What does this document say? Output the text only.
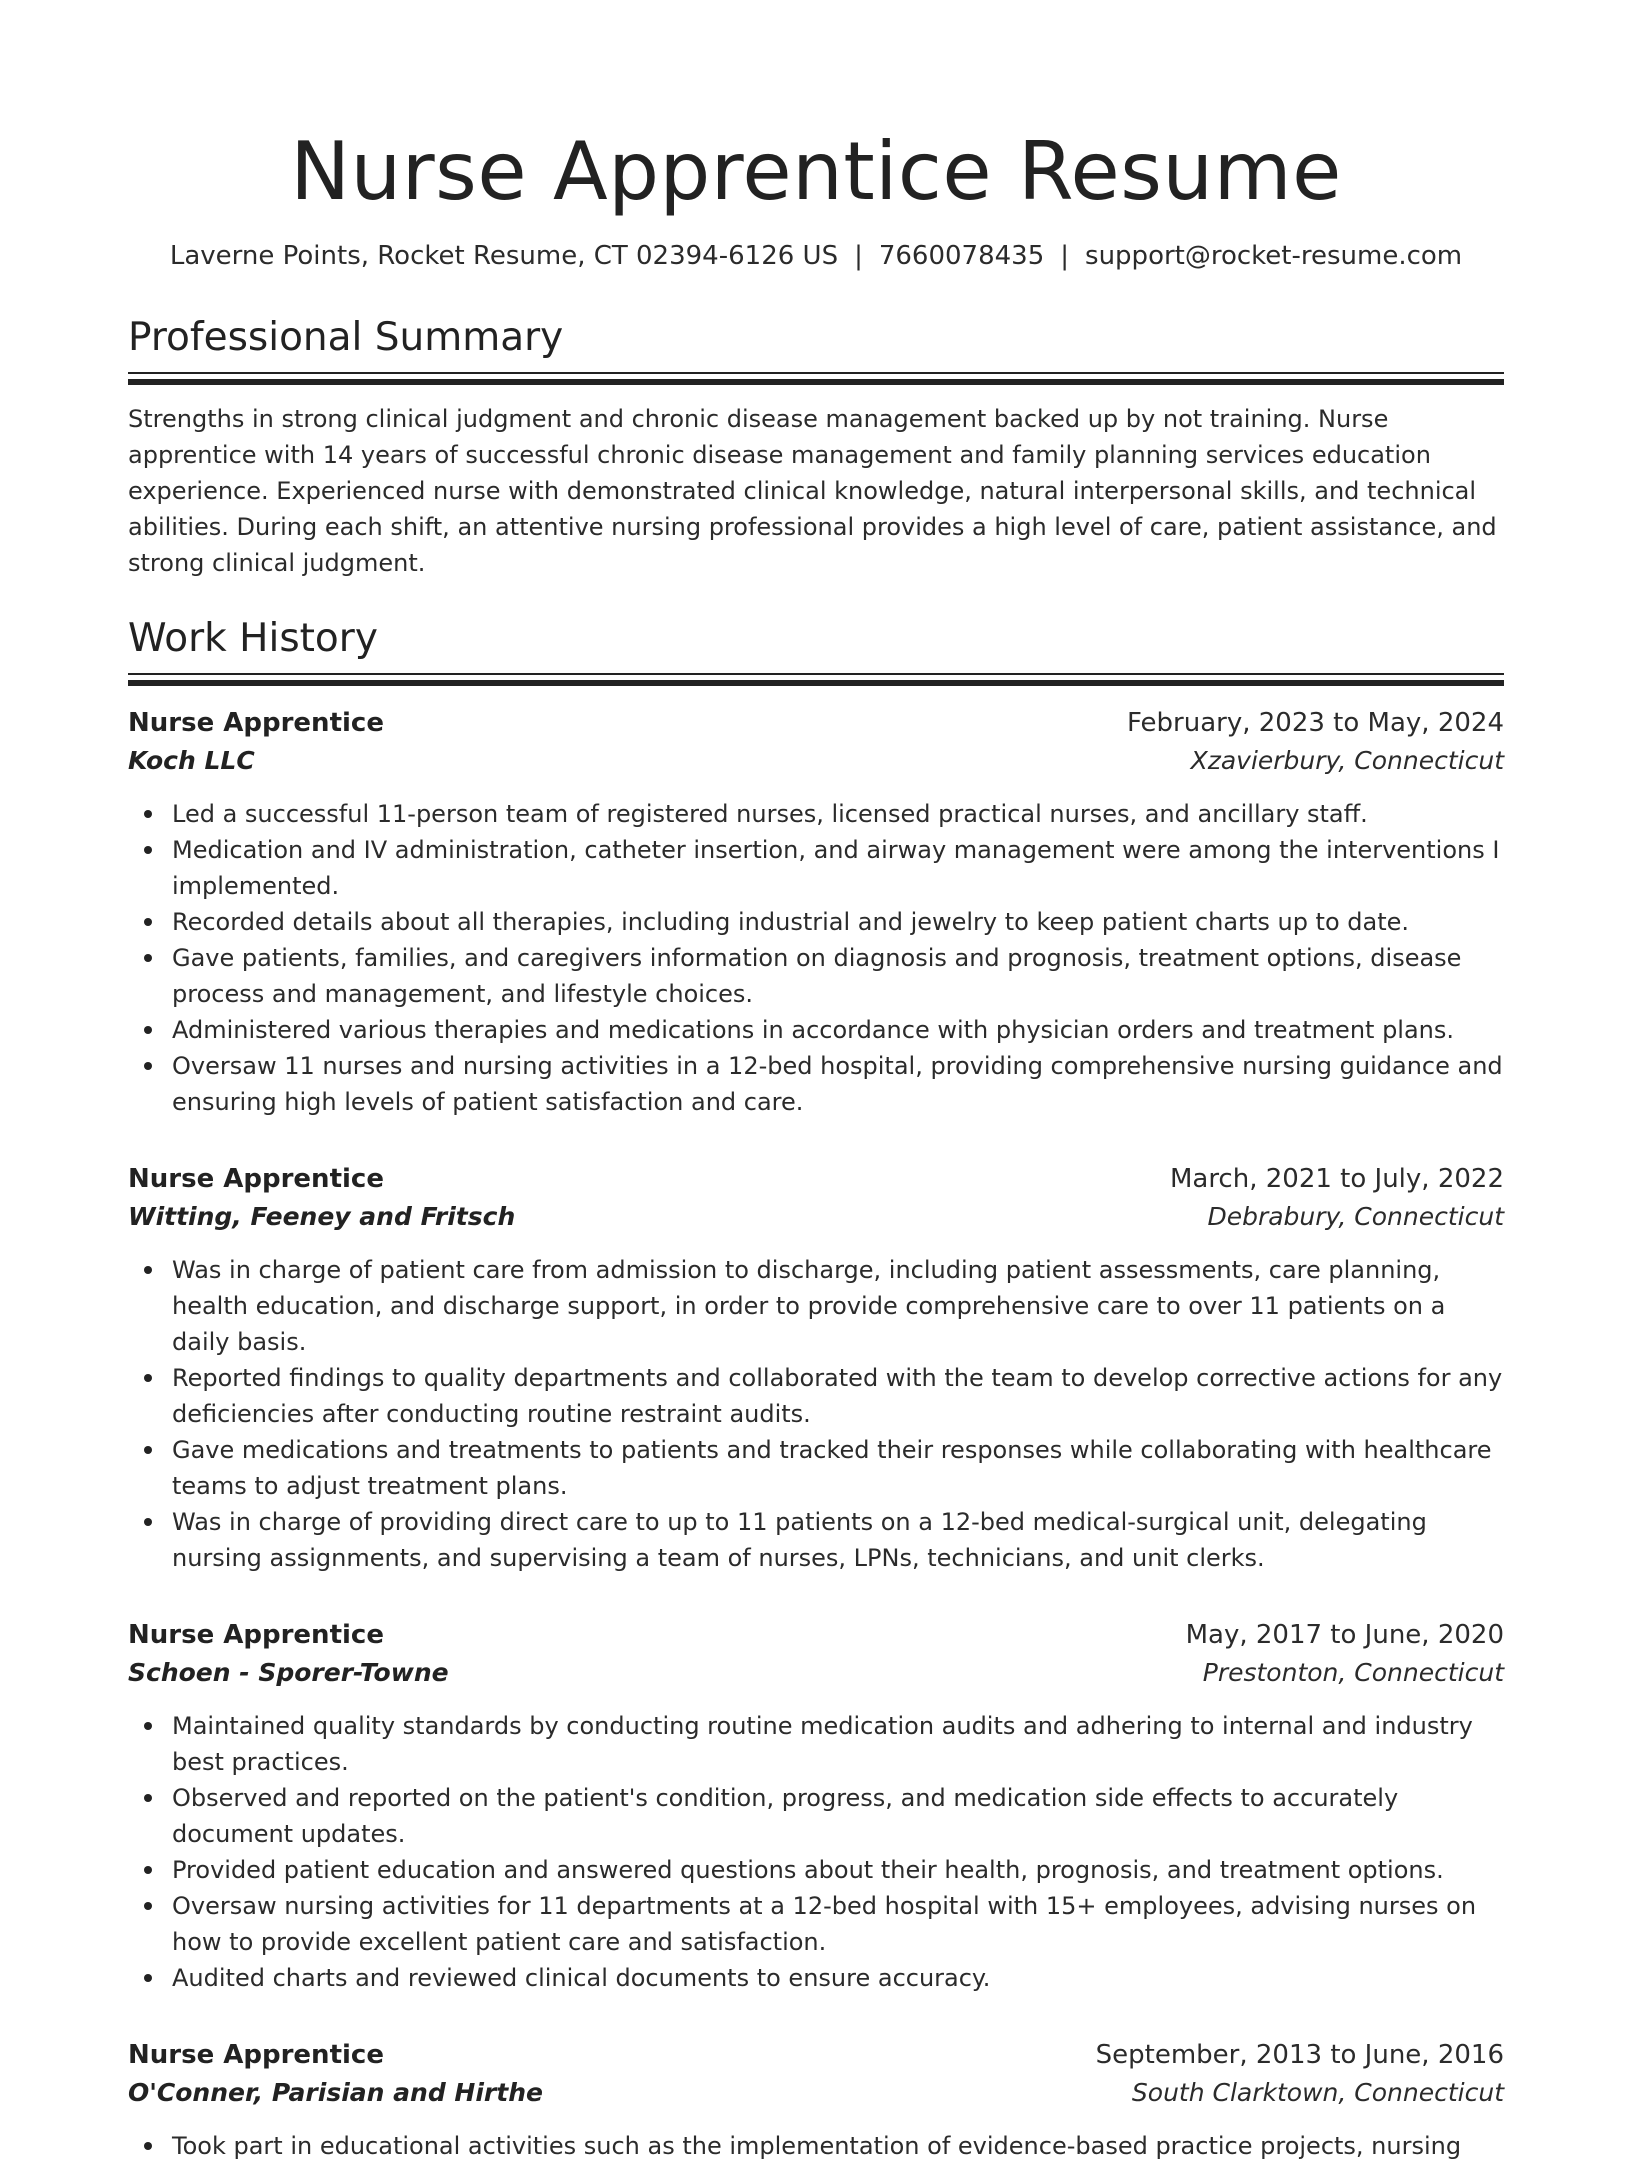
Nurse Apprentice Resume
Laverne Points, Rocket Resume, CT 02394-6126 US | 7660078435 | support@rocket-resume.com
Professional Summary

Strengths in strong clinical judgment and chronic disease management backed up by not training. Nurse apprentice with 14 years of successful chronic disease management and family planning services education experience. Experienced nurse with demonstrated clinical knowledge, natural interpersonal skills, and technical abilities. During each shift, an attentive nursing professional provides a high level of care, patient assistance, and strong clinical judgment.

Work History
Nurse Apprentice	February, 2023 to May, 2024
Koch LLC	Xzavierbury, Connecticut
Led a successful 11-person team of registered nurses, licensed practical nurses, and ancillary staff.
Medication and IV administration, catheter insertion, and airway management were among the interventions I implemented.
Recorded details about all therapies, including industrial and jewelry to keep patient charts up to date.
Gave patients, families, and caregivers information on diagnosis and prognosis, treatment options, disease process and management, and lifestyle choices.
Administered various therapies and medications in accordance with physician orders and treatment plans.
Oversaw 11 nurses and nursing activities in a 12-bed hospital, providing comprehensive nursing guidance and ensuring high levels of patient satisfaction and care.
Nurse Apprentice	March, 2021 to July, 2022
Witting, Feeney and Fritsch	Debrabury, Connecticut
Was in charge of patient care from admission to discharge, including patient assessments, care planning, health education, and discharge support, in order to provide comprehensive care to over 11 patients on a daily basis.
Reported findings to quality departments and collaborated with the team to develop corrective actions for any deficiencies after conducting routine restraint audits.
Gave medications and treatments to patients and tracked their responses while collaborating with healthcare teams to adjust treatment plans.
Was in charge of providing direct care to up to 11 patients on a 12-bed medical-surgical unit, delegating nursing assignments, and supervising a team of nurses, LPNs, technicians, and unit clerks.
Nurse Apprentice	May, 2017 to June, 2020
Schoen - Sporer-Towne	Prestonton, Connecticut
Maintained quality standards by conducting routine medication audits and adhering to internal and industry best practices.
Observed and reported on the patient's condition, progress, and medication side effects to accurately document updates.
Provided patient education and answered questions about their health, prognosis, and treatment options.
Oversaw nursing activities for 11 departments at a 12-bed hospital with 15+ employees, advising nurses on how to provide excellent patient care and satisfaction.
Audited charts and reviewed clinical documents to ensure accuracy.
Nurse Apprentice	September, 2013 to June, 2016
O'Conner, Parisian and Hirthe	South Clarktown, Connecticut
Took part in educational activities such as the implementation of evidence-based practice projects, nursing
